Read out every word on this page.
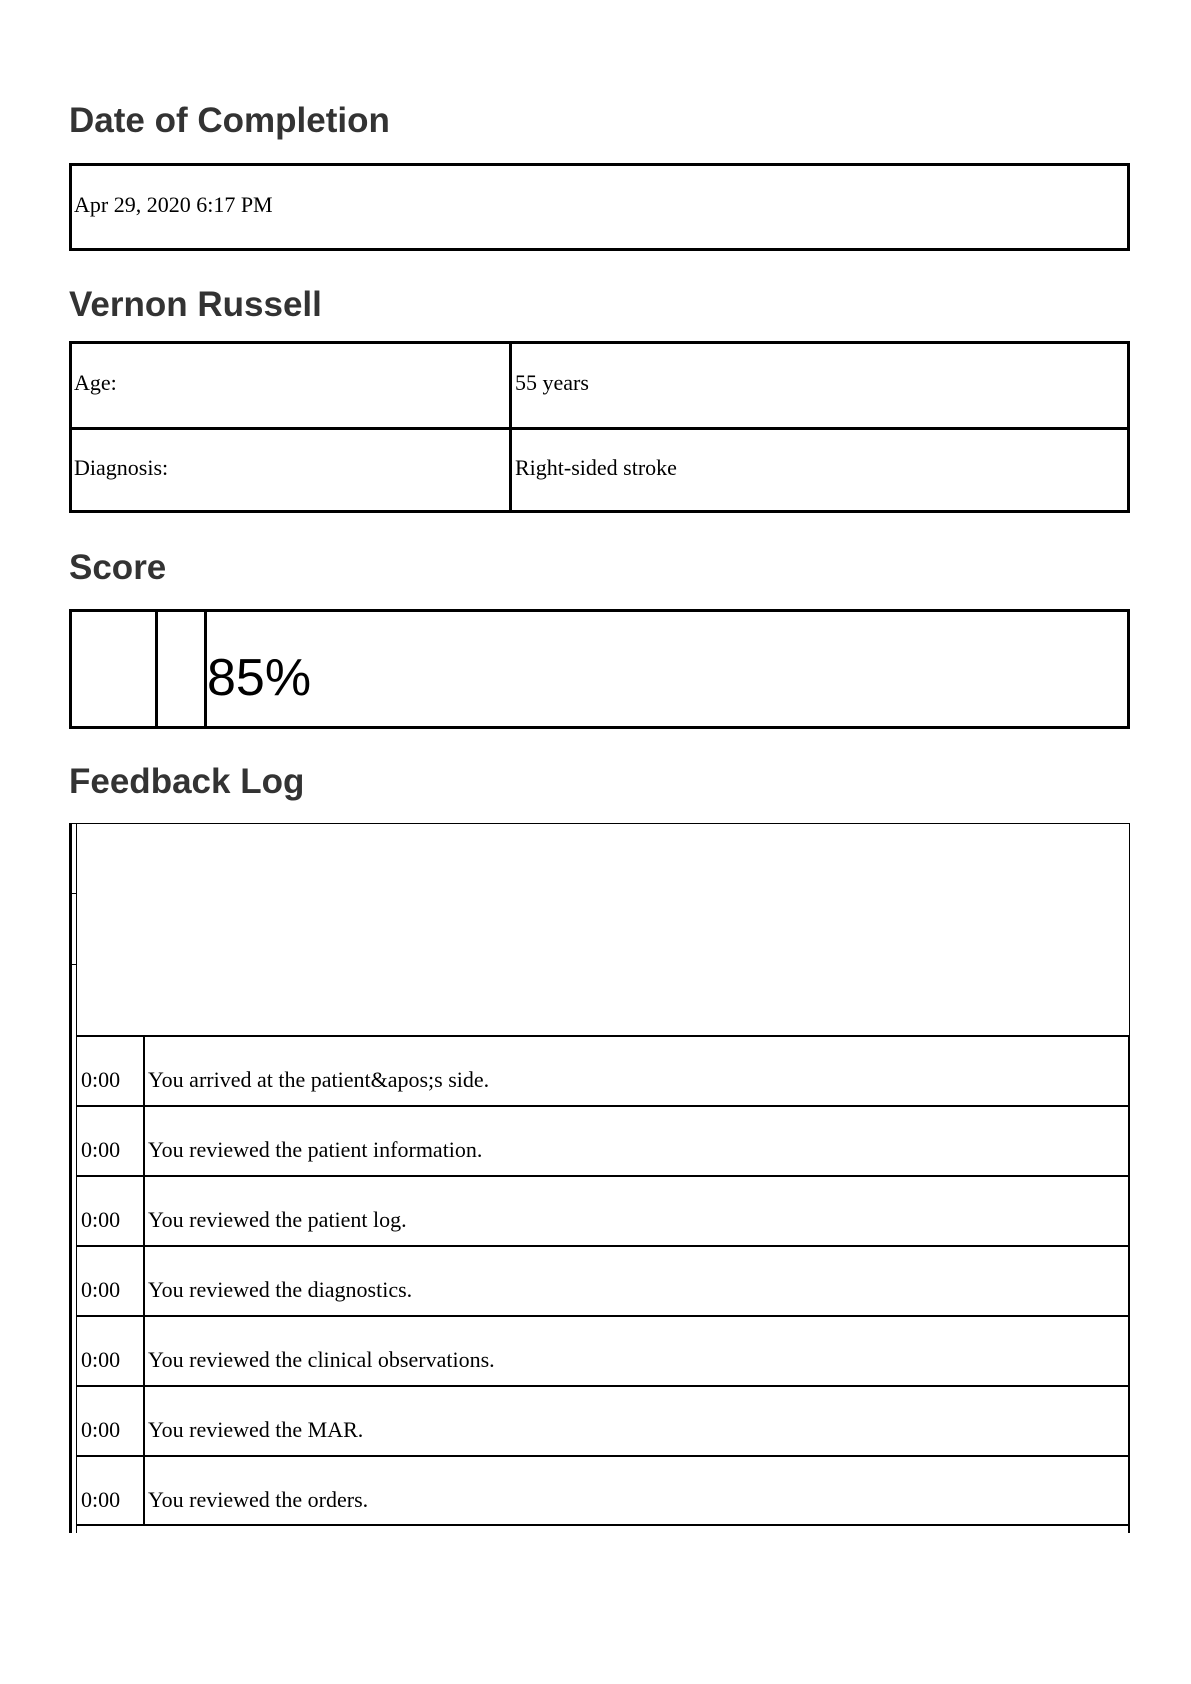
Date of Completion
Apr 29, 2020 6:17 PM
Vernon Russell
Age:	55 years
Diagnosis:	Right-sided stroke
Score
85%
Feedback Log
0:00 You arrived at the patient&apos;s side.
0:00 You reviewed the patient information.
0:00 You reviewed the patient log.
0:00 You reviewed the diagnostics.
0:00 You reviewed the clinical observations.
0:00 You reviewed the MAR.
0:00 You reviewed the orders.
